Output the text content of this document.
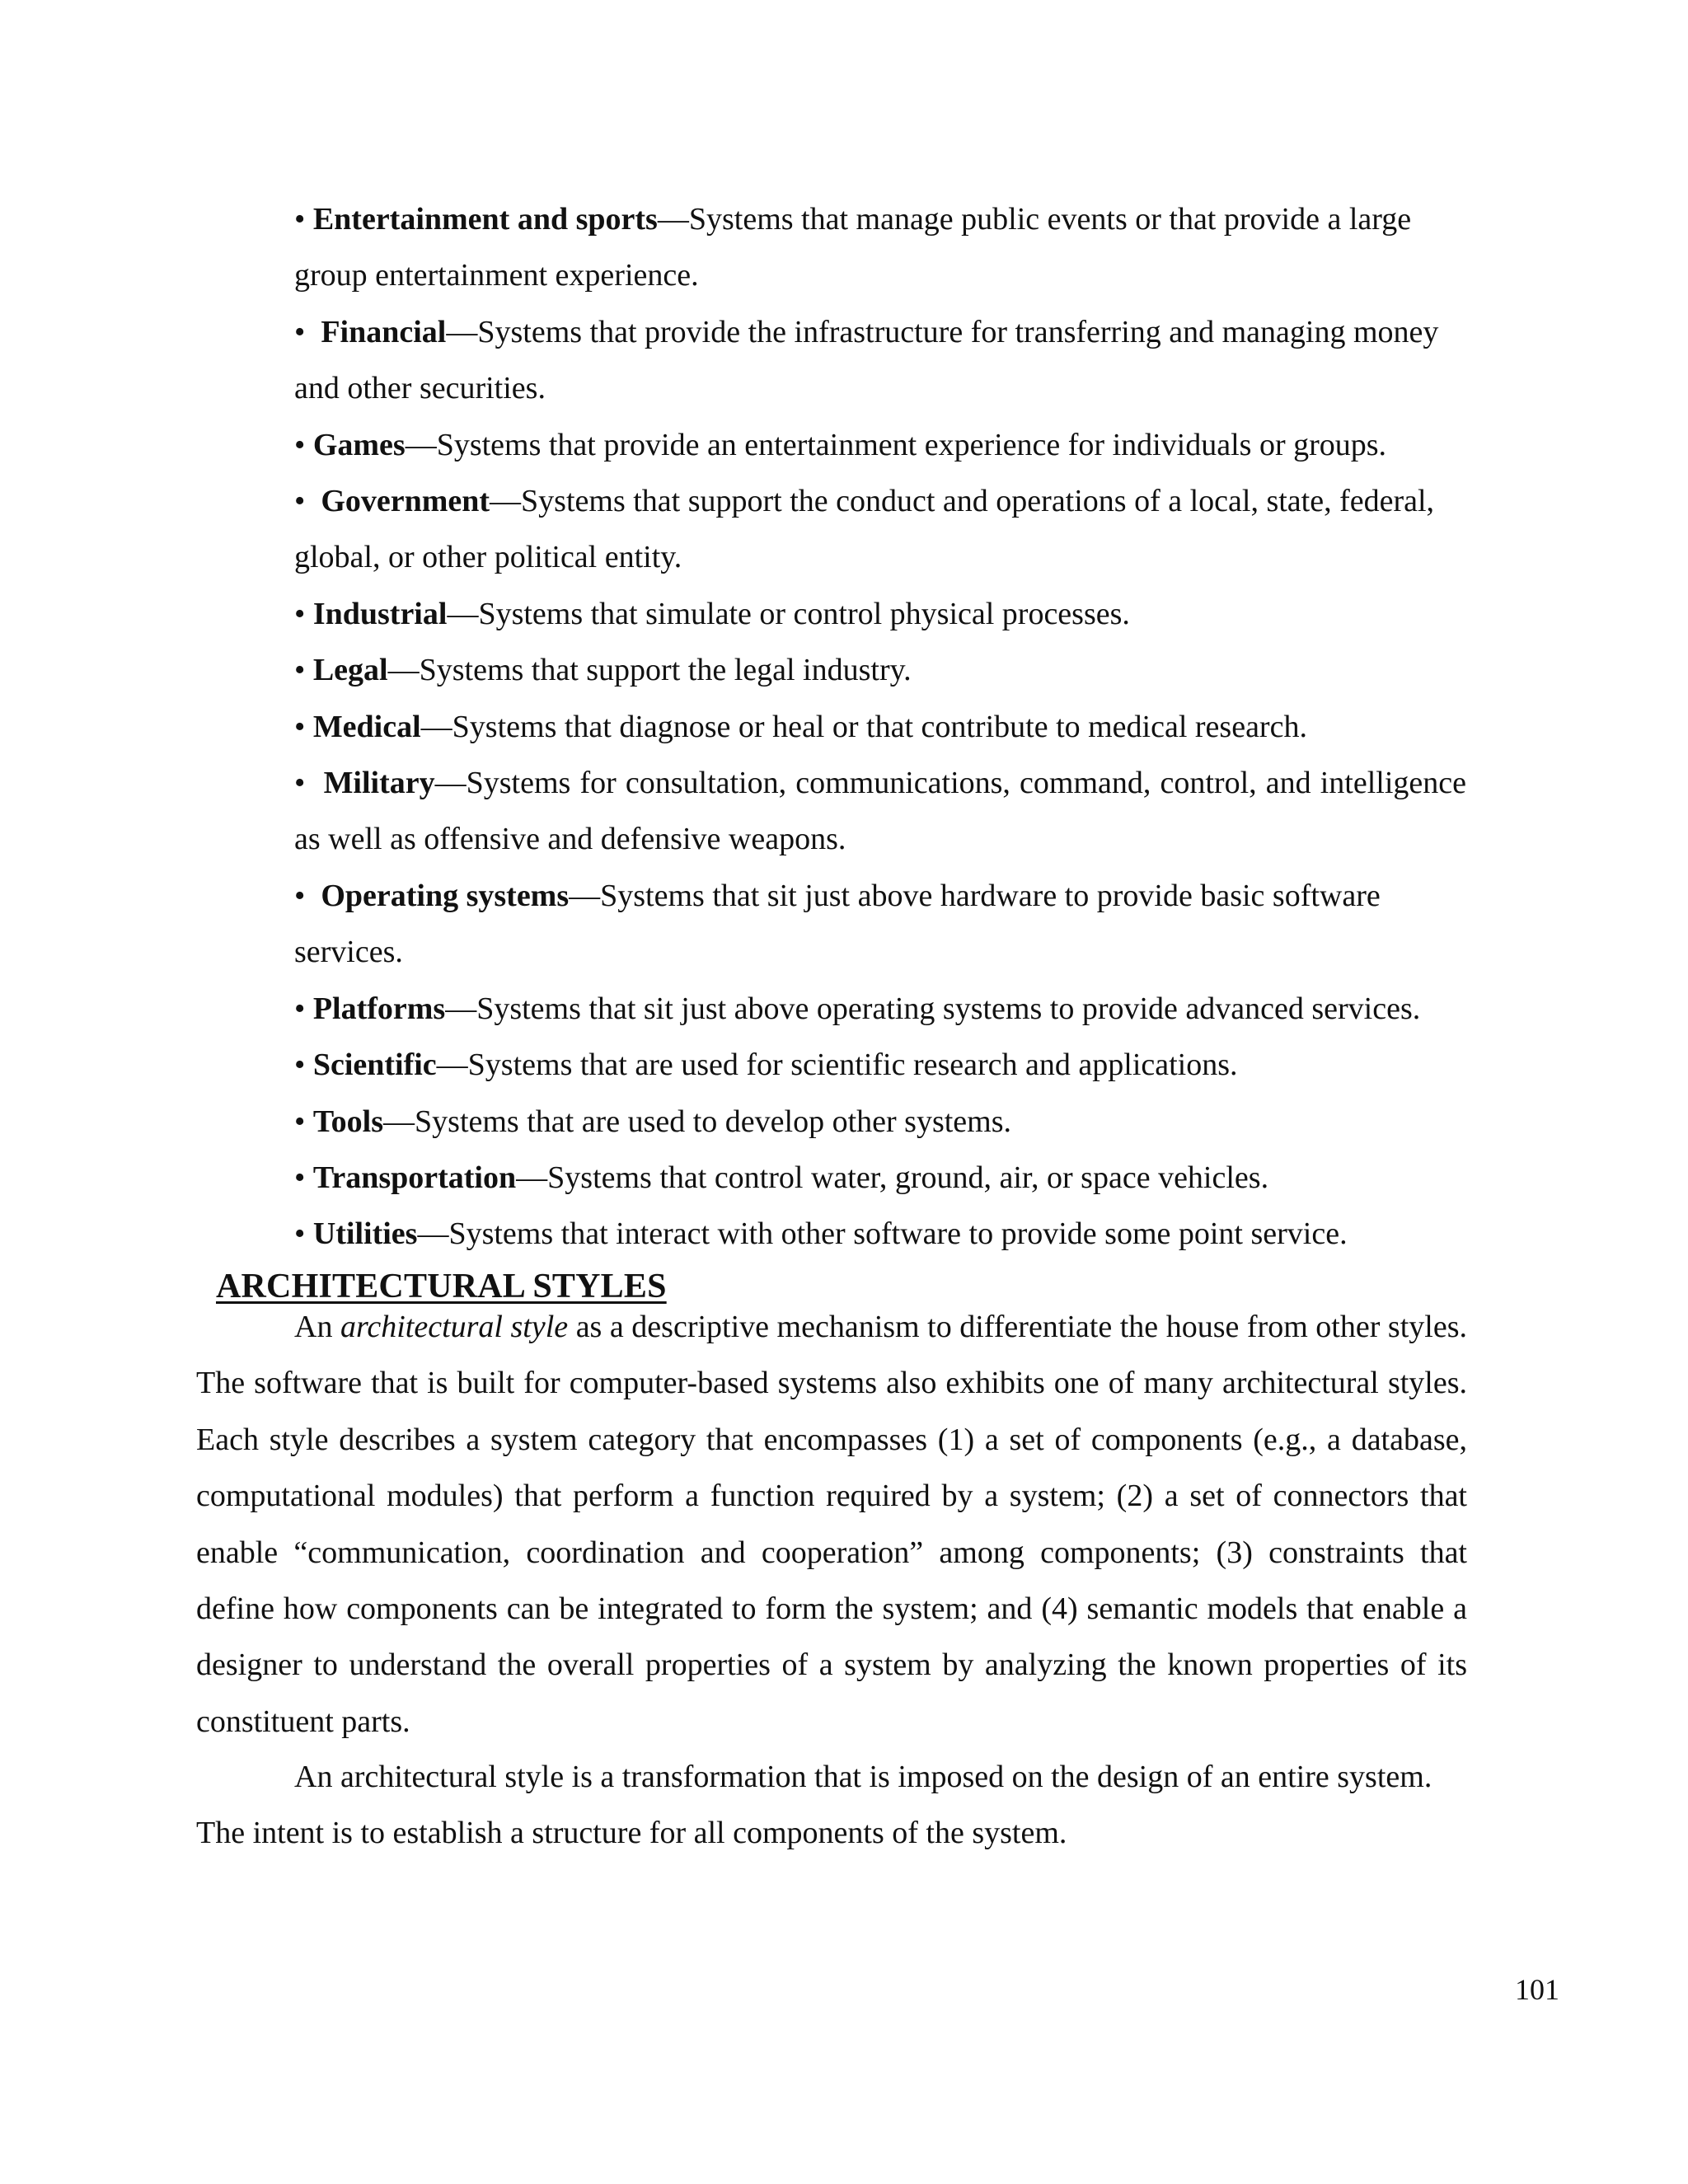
• Entertainment and sports—Systems that manage public events or that provide a large group entertainment experience.
• Financial—Systems that provide the infrastructure for transferring and managing money and other securities.
• Games—Systems that provide an entertainment experience for individuals or groups.
• Government—Systems that support the conduct and operations of a local, state, federal, global, or other political entity.
• Industrial—Systems that simulate or control physical processes.
• Legal—Systems that support the legal industry.
• Medical—Systems that diagnose or heal or that contribute to medical research.
• Military—Systems for consultation, communications, command, control, and intelligence as well as offensive and defensive weapons.
• Operating systems—Systems that sit just above hardware to provide basic software services.
• Platforms—Systems that sit just above operating systems to provide advanced services.
• Scientific—Systems that are used for scientific research and applications.
• Tools—Systems that are used to develop other systems.
• Transportation—Systems that control water, ground, air, or space vehicles.
• Utilities—Systems that interact with other software to provide some point service.
ARCHITECTURAL STYLES

An architectural style as a descriptive mechanism to differentiate the house from other styles. The software that is built for computer-based systems also exhibits one of many architectural styles. Each style describes a system category that encompasses (1) a set of components (e.g., a database, computational modules) that perform a function required by a system; (2) a set of connectors that enable “communication, coordination and cooperation” among components; (3) constraints that define how components can be integrated to form the system; and (4) semantic models that enable a designer to understand the overall properties of a system by analyzing the known properties of its constituent parts.

An architectural style is a transformation that is imposed on the design of an entire system. The intent is to establish a structure for all components of the system.

101
